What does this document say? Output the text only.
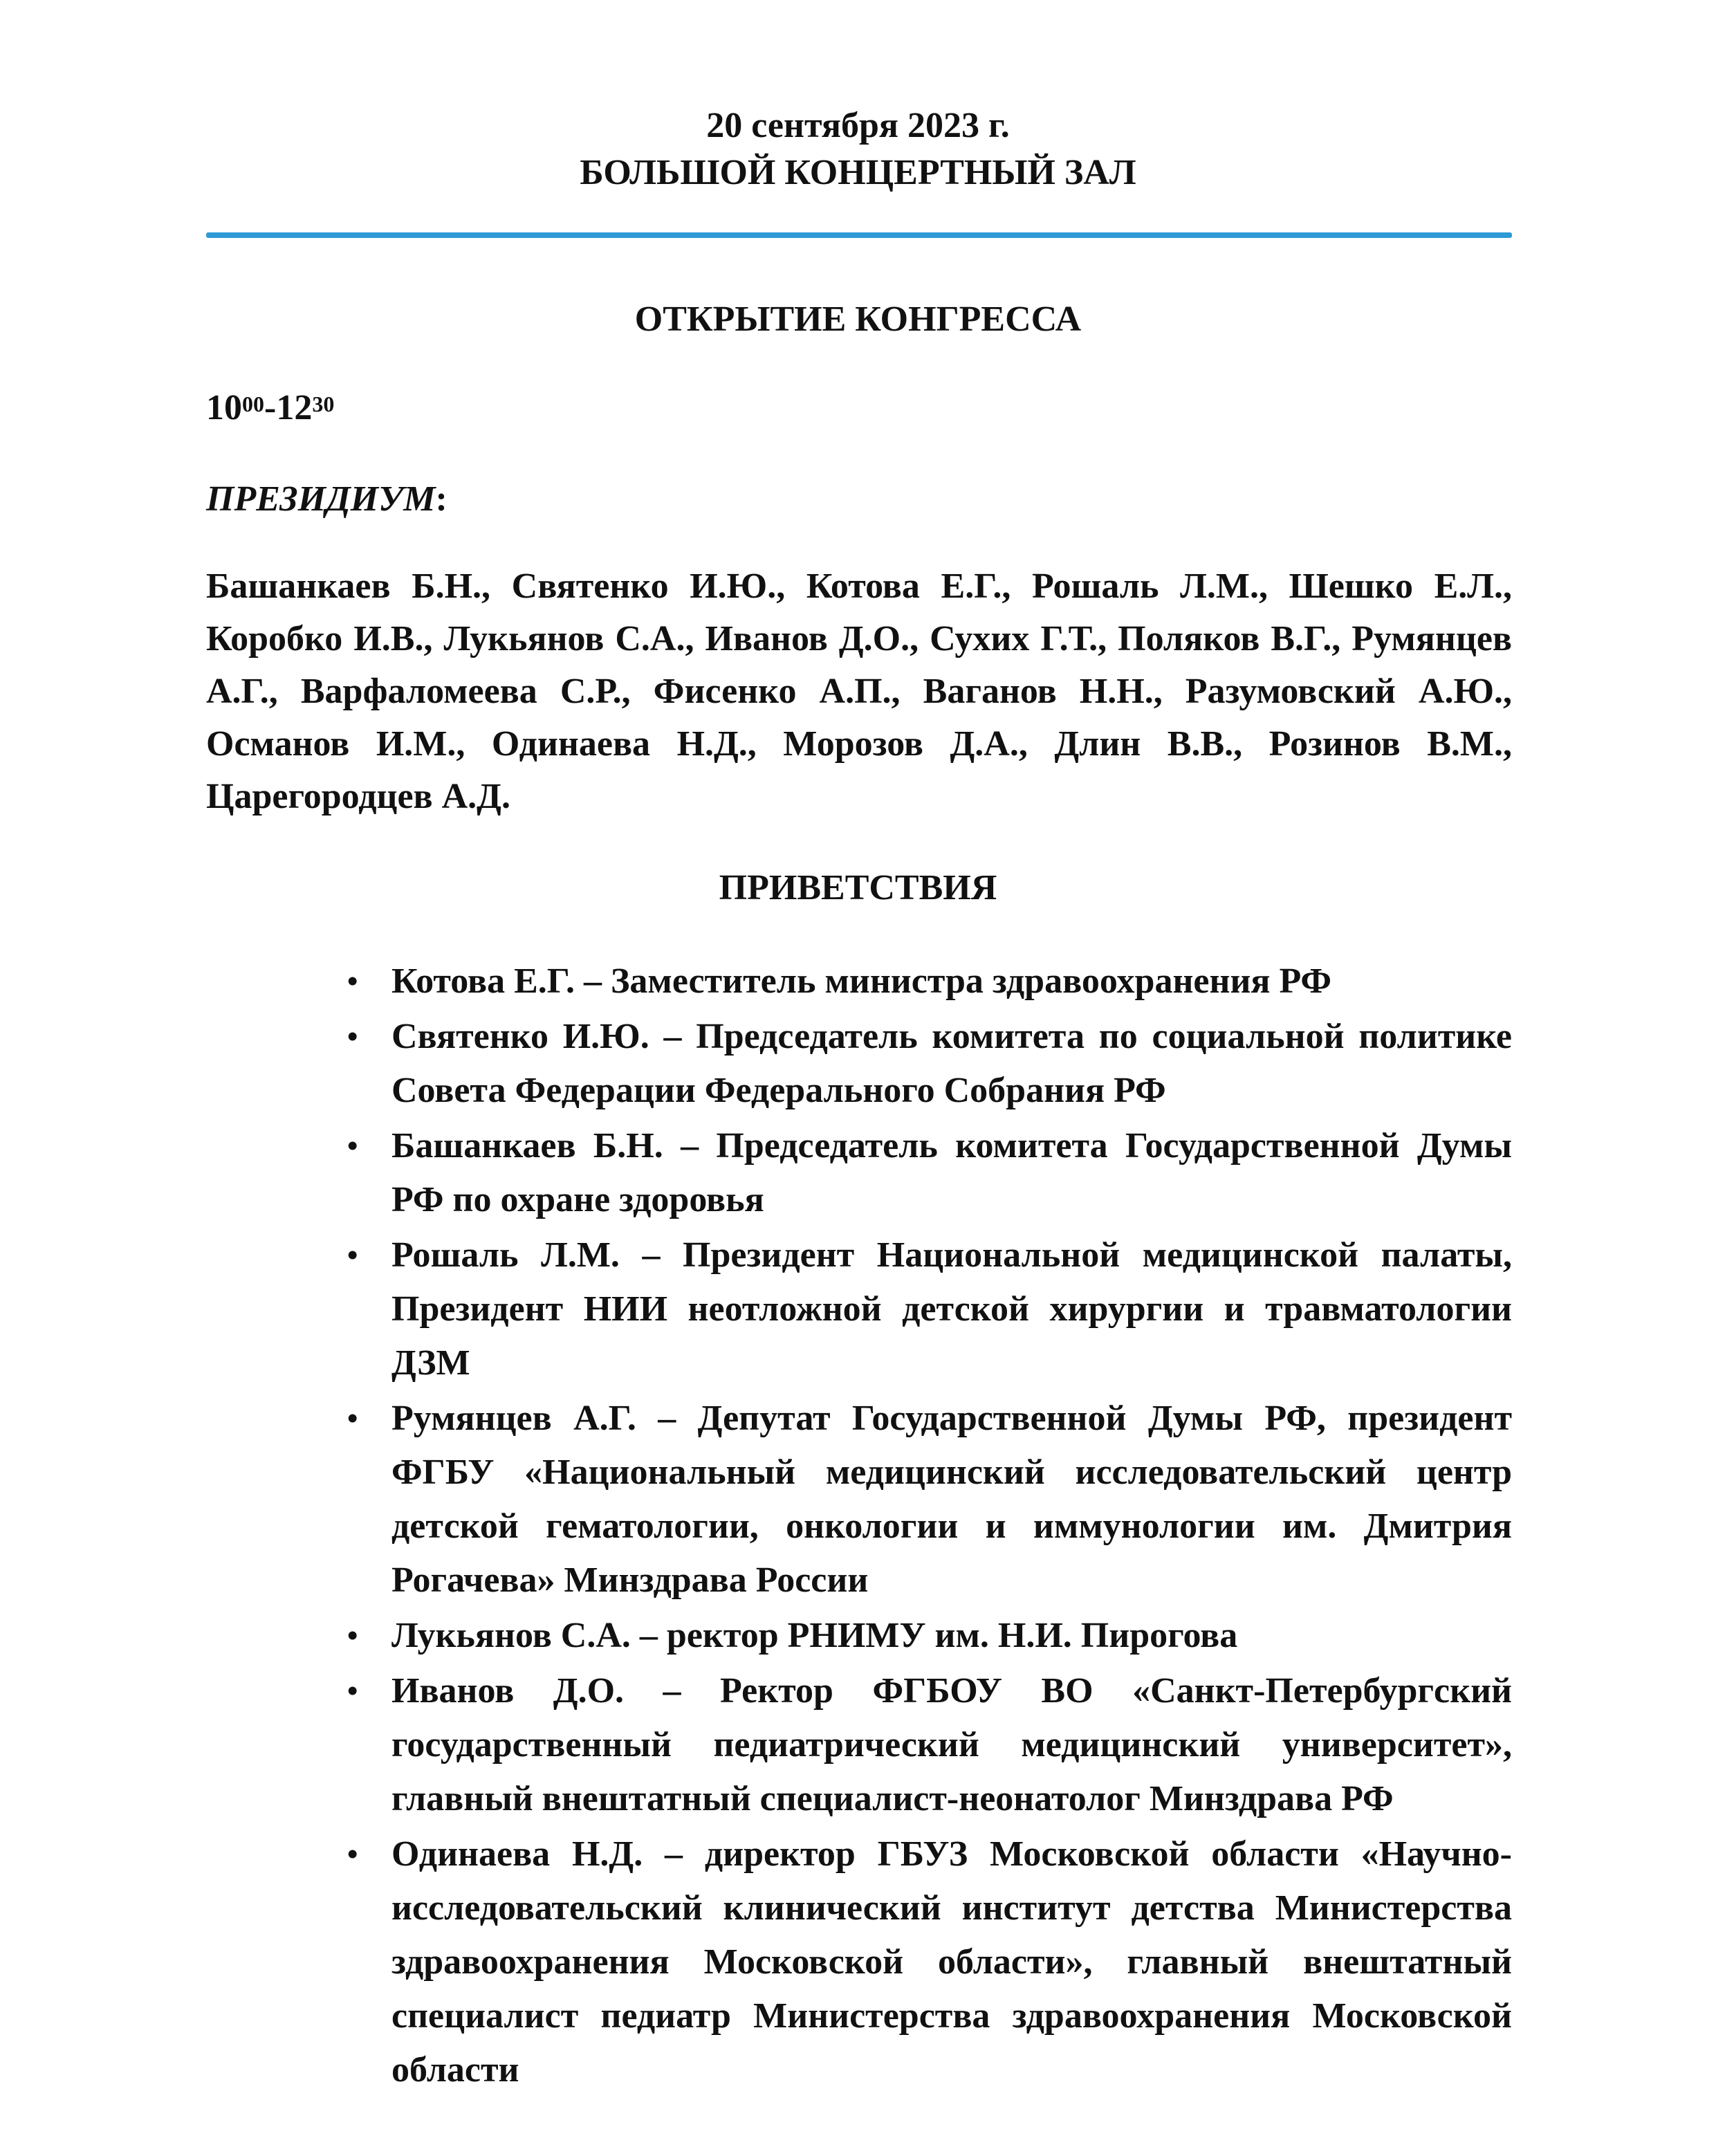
20 сентября 2023 г.
БОЛЬШОЙ КОНЦЕРТНЫЙ ЗАЛ
ОТКРЫТИЕ КОНГРЕССА
$10^{00}-12^{30}$
ПРЕЗИДИУМ:
Башанкаев Б.Н., Святенко И.Ю., Котова Е.Г., Рошаль Л.М., Шешко Е.Л., Коробко И.В., Лукьянов С.А., Иванов Д.О., Сухих Г.Т., Поляков В.Г., Румянцев А.Г., Варфаломеева С.Р., Фисенко А.П., Ваганов Н.Н., Разумовский А.Ю., Османов И.М., Одинаева Н.Д., Морозов Д.А., Длин В.В., Розинов В.М., Царегородцев А.Д.
ПРИВЕТСТВИЯ
• Котова Е.Г. – Заместитель министра здравоохранения РФ
• Святенко И.Ю. – Председатель комитета по социальной политике Совета Федерации Федерального Собрания РФ
• Башанкаев Б.Н. – Председатель комитета Государственной Думы РФ по охране здоровья
• Рошаль Л.М. – Президент Национальной медицинской палаты, Президент НИИ неотложной детской хирургии и травматологии ДЗМ
• Румянцев А.Г. – Депутат Государственной Думы РФ, президент ФГБУ «Национальный медицинский исследовательский центр детской гематологии, онкологии и иммунологии им. Дмитрия Рогачева» Минздрава России
• Лукьянов С.А. – ректор РНИМУ им. Н.И. Пирогова
• Иванов Д.О. – Ректор ФГБОУ ВО «Санкт-Петербургский государственный педиатрический медицинский университет», главный внештатный специалист-неонатолог Минздрава РФ
• Одинаева Н.Д. – директор ГБУЗ Московской области «Научно-исследовательский клинический институт детства Министерства здравоохранения Московской области», главный внештатный специалист педиатр Министерства здравоохранения Московской области
